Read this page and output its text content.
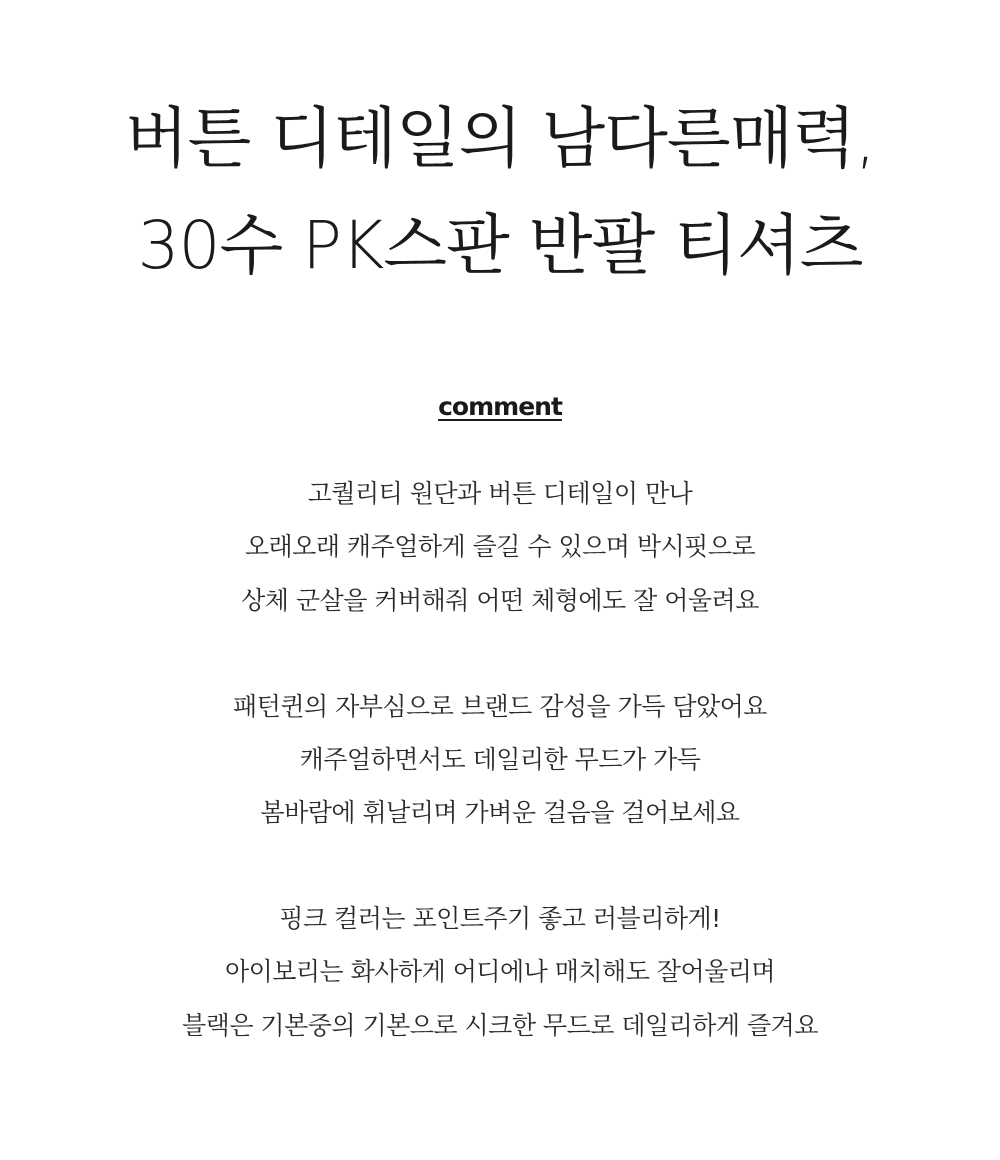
버튼 디테일의 남다른매력,
30수 PK스판 반팔 티셔츠
comment
고퀄리티 원단과 버튼 디테일이 만나
오래오래 캐주얼하게 즐길 수 있으며 박시핏으로
상체 군살을 커버해줘 어떤 체형에도 잘 어울려요
패턴퀸의 자부심으로 브랜드 감성을 가득 담았어요
캐주얼하면서도 데일리한 무드가 가득
봄바람에 휘날리며 가벼운 걸음을 걸어보세요
핑크 컬러는 포인트주기 좋고 러블리하게!
아이보리는 화사하게 어디에나 매치해도 잘어울리며
블랙은 기본중의 기본으로 시크한 무드로 데일리하게 즐겨요
